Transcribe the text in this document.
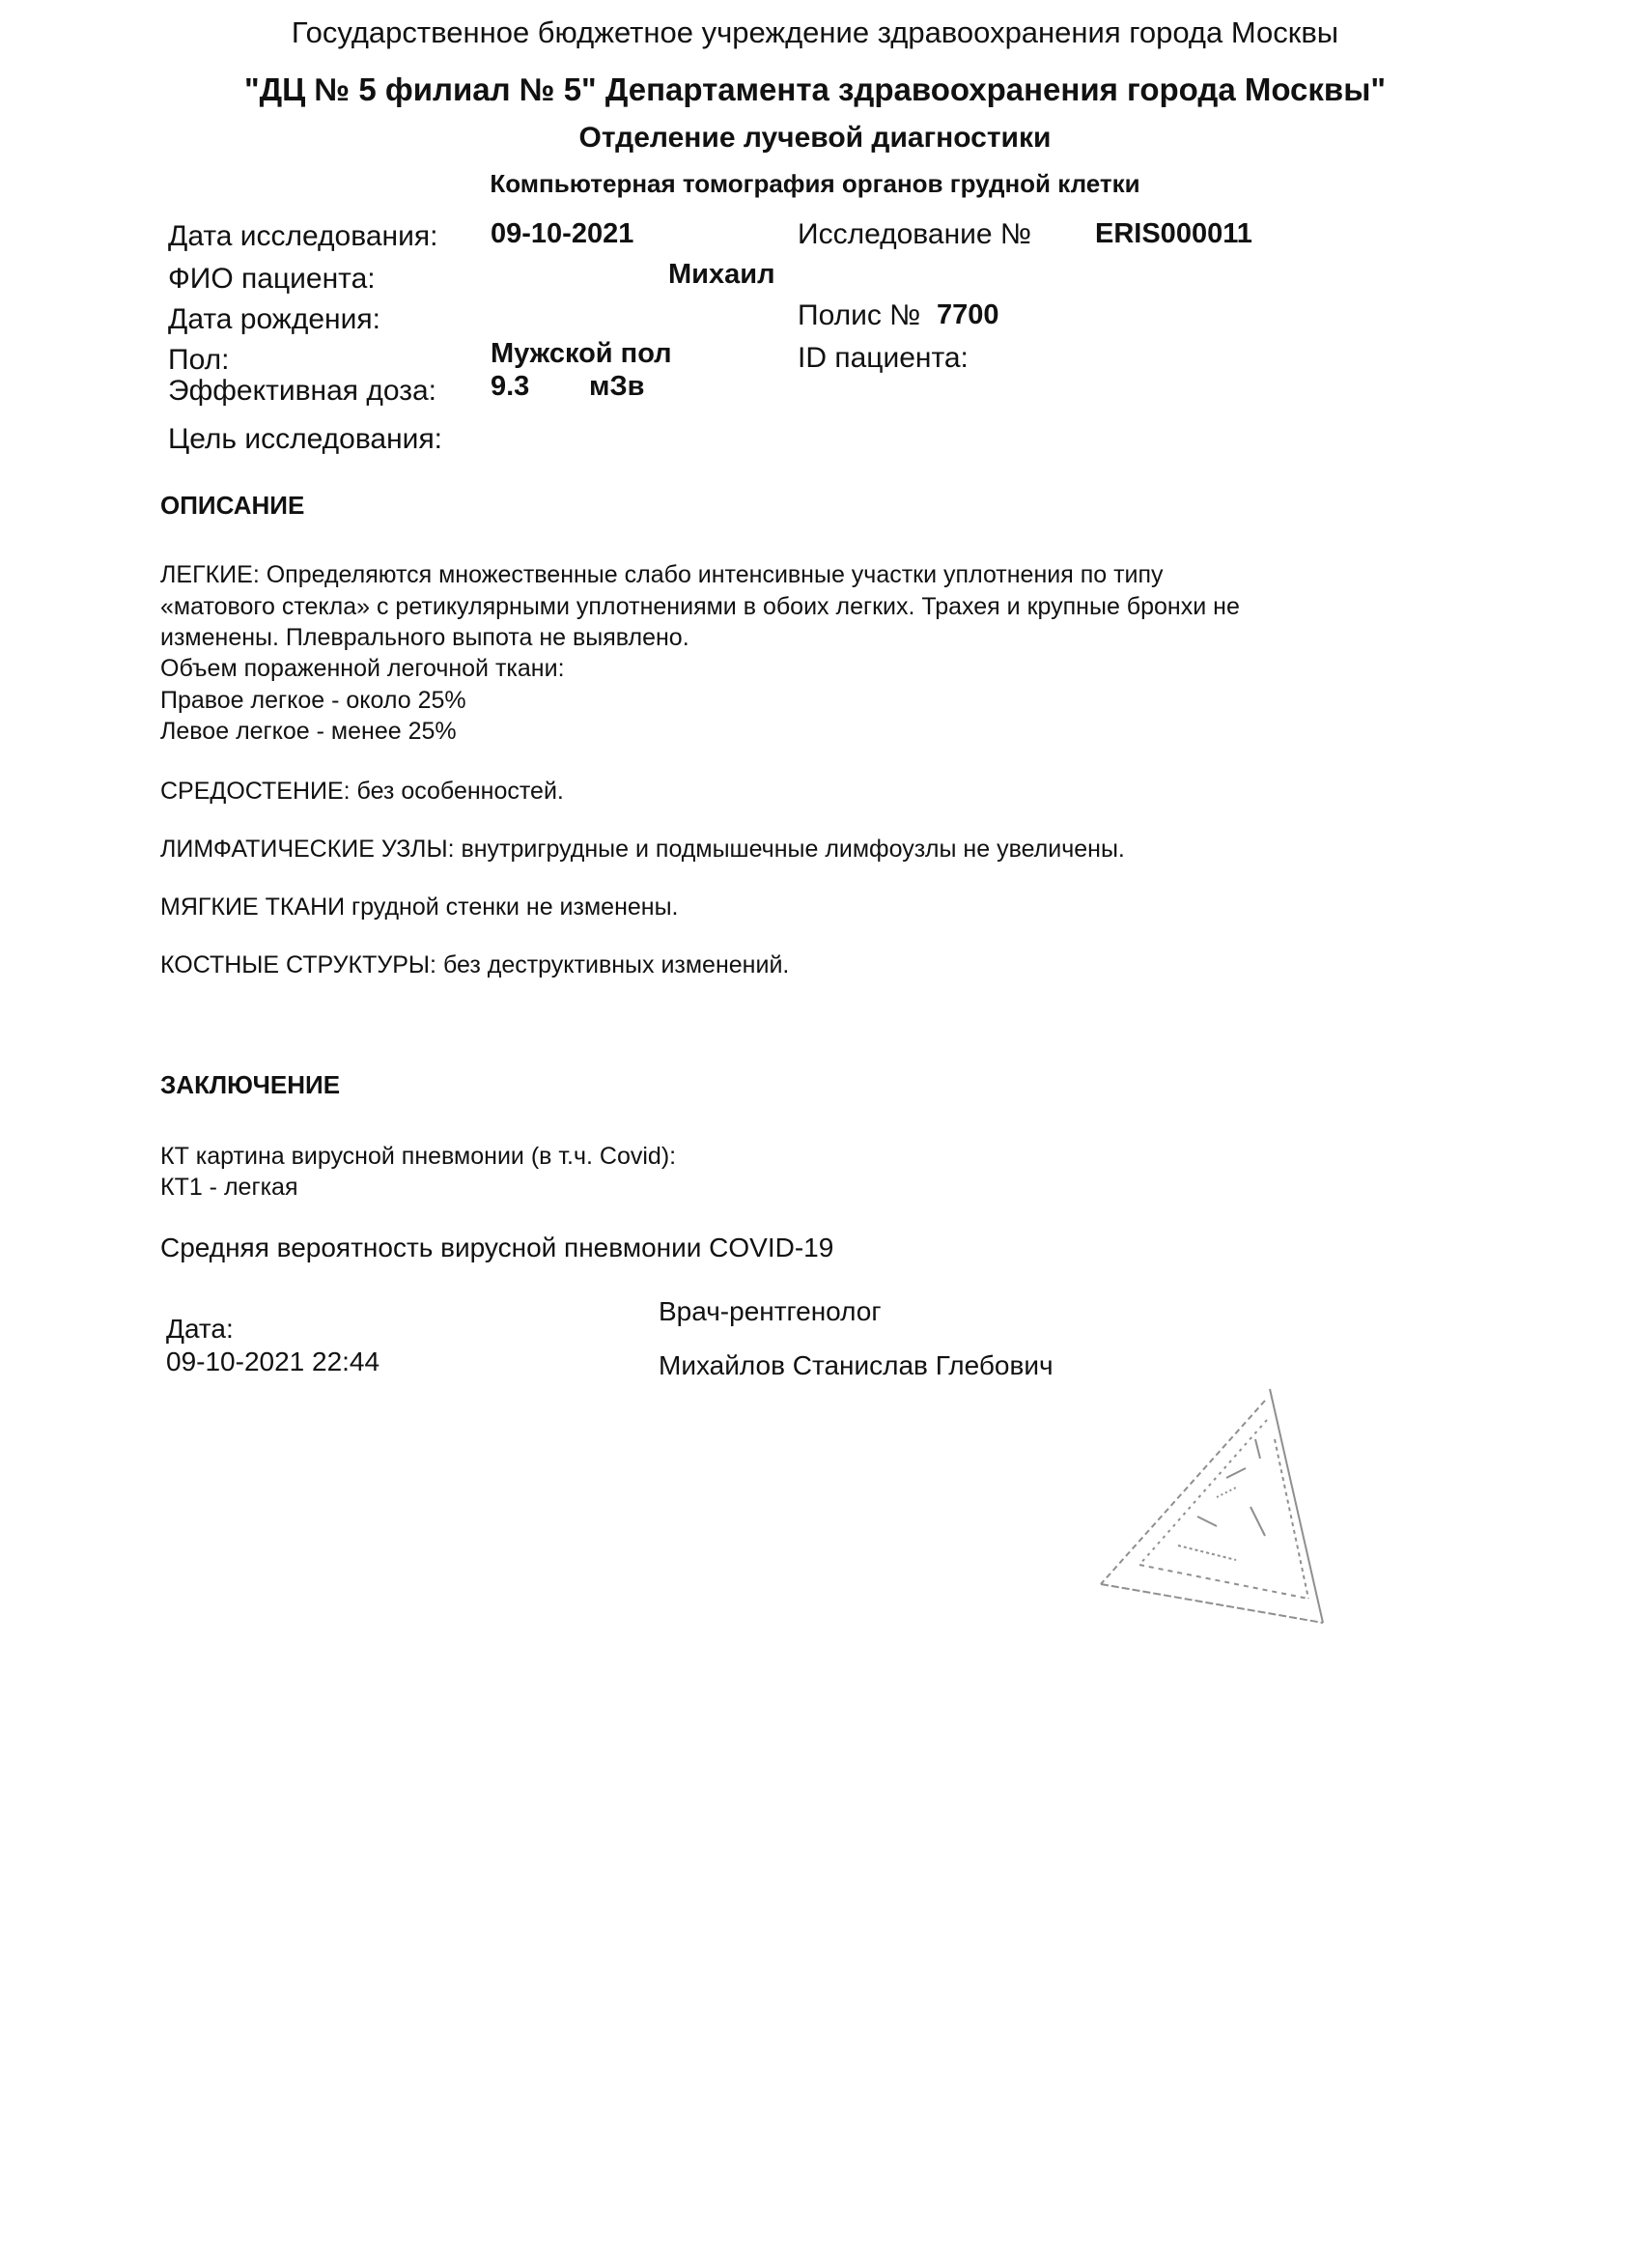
Государственное бюджетное учреждение здравоохранения города Москвы
"ДЦ № 5 филиал № 5" Департамента здравоохранения города Москвы"
Отделение лучевой диагностики
Компьютерная томография органов грудной клетки
Дата исследования: 09-10-2021	Исследование № ERIS000011
ФИО пациента:	Михаил
Дата рождения:	Полис № 7700
Пол:	Мужской пол	ID пациента:
Эффективная доза: 9.3 мЗв
Цель исследования:
ОПИСАНИЕ
ЛЕГКИЕ: Определяются множественные слабо интенсивные участки уплотнения по типу
«матового стекла» с ретикулярными уплотнениями в обоих легких. Трахея и крупные бронхи не
изменены. Плеврального выпота не выявлено.
Объем пораженной легочной ткани:
Правое легкое - около 25%
Левое легкое - менее 25%
СРЕДОСТЕНИЕ: без особенностей.
ЛИМФАТИЧЕСКИЕ УЗЛЫ: внутригрудные и подмышечные лимфоузлы не увеличены.
МЯГКИЕ ТКАНИ грудной стенки не изменены.
КОСТНЫЕ СТРУКТУРЫ: без деструктивных изменений.
ЗАКЛЮЧЕНИЕ
КТ картина вирусной пневмонии (в т.ч. Covid):
КТ1 - легкая
Средняя вероятность вирусной пневмонии COVID-19
Дата:
09-10-2021 22:44
Врач-рентгенолог
Михайлов Станислав Глебович
